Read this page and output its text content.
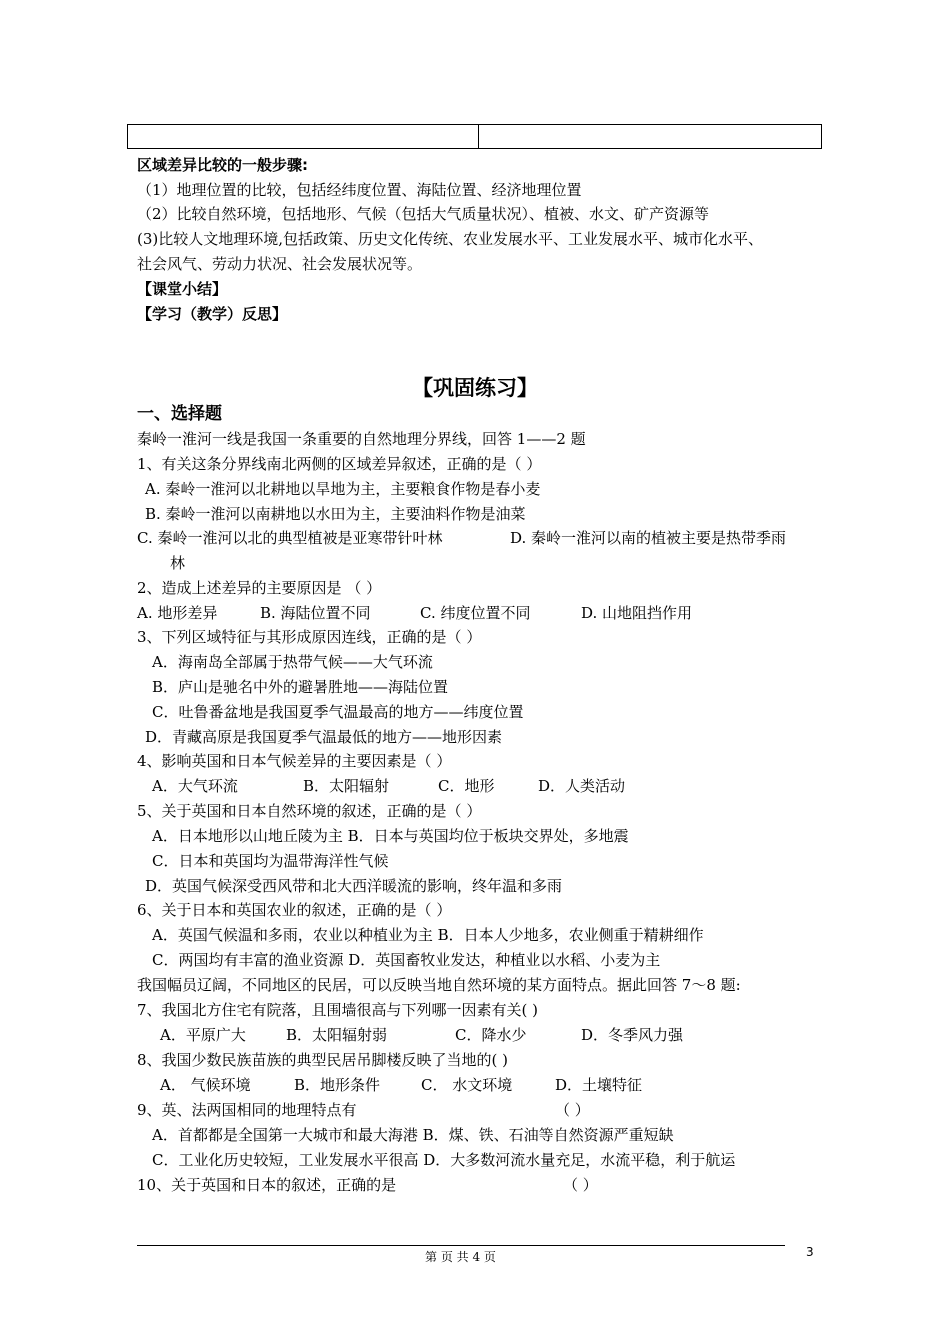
区域差异比较的一般步骤:
（1）地理位置的比较，包括经纬度位置、海陆位置、经济地理位置
（2）比较自然环境，包括地形、气候（包括大气质量状况）、植被、水文、矿产资源等
(3)比较人文地理环境,包括政策、历史文化传统、农业发展水平、工业发展水平、城市化水平、
社会风气、劳动力状况、社会发展状况等。
【课堂小结】
【学习（教学）反思】
【巩固练习】
一、选择题
秦岭一淮河一线是我国一条重要的自然地理分界线，回答 1——2 题
1、有关这条分界线南北两侧的区域差异叙述，正确的是（ ）
A. 秦岭一淮河以北耕地以旱地为主，主要粮食作物是春小麦
B. 秦岭一淮河以南耕地以水田为主，主要油料作物是油菜
C. 秦岭一淮河以北的典型植被是亚寒带针叶林	D. 秦岭一淮河以南的植被主要是热带季雨
林
2、造成上述差异的主要原因是 （ ）
A. 地形差异	B. 海陆位置不同	C. 纬度位置不同	D. 山地阻挡作用
3、下列区域特征与其形成原因连线，正确的是（ ）
A．海南岛全部属于热带气候——大气环流
B．庐山是驰名中外的避暑胜地——海陆位置
C．吐鲁番盆地是我国夏季气温最高的地方——纬度位置
D．青藏高原是我国夏季气温最低的地方——地形因素
4、影响英国和日本气候差异的主要因素是（ ）
A．大气环流	B．太阳辐射	C．地形	D．人类活动
5、关于英国和日本自然环境的叙述，正确的是（ ）
A．日本地形以山地丘陵为主 B．日本与英国均位于板块交界处，多地震
C．日本和英国均为温带海洋性气候
D．英国气候深受西风带和北大西洋暖流的影响，终年温和多雨
6、关于日本和英国农业的叙述，正确的是（ ）
A．英国气候温和多雨，农业以种植业为主 B．日本人少地多，农业侧重于精耕细作
C．两国均有丰富的渔业资源 D．英国畜牧业发达，种植业以水稻、小麦为主
我国幅员辽阔，不同地区的民居，可以反映当地自然环境的某方面特点。据此回答 7～8 题:
7、我国北方住宅有院落，且围墙很高与下列哪一因素有关( )
A．平原广大	B．太阳辐射弱	C．降水少	D．冬季风力强
8、我国少数民族苗族的典型民居吊脚楼反映了当地的( )
A． 气候环境	B．地形条件	C． 水文环境	D．土壤特征
9、英、法两国相同的地理特点有	（ ）
A．首都都是全国第一大城市和最大海港 B．煤、铁、石油等自然资源严重短缺
C．工业化历史较短，工业发展水平很高 D．大多数河流水量充足，水流平稳，利于航运
10、关于英国和日本的叙述，正确的是	（ ）
第 页 共 4 页	3
